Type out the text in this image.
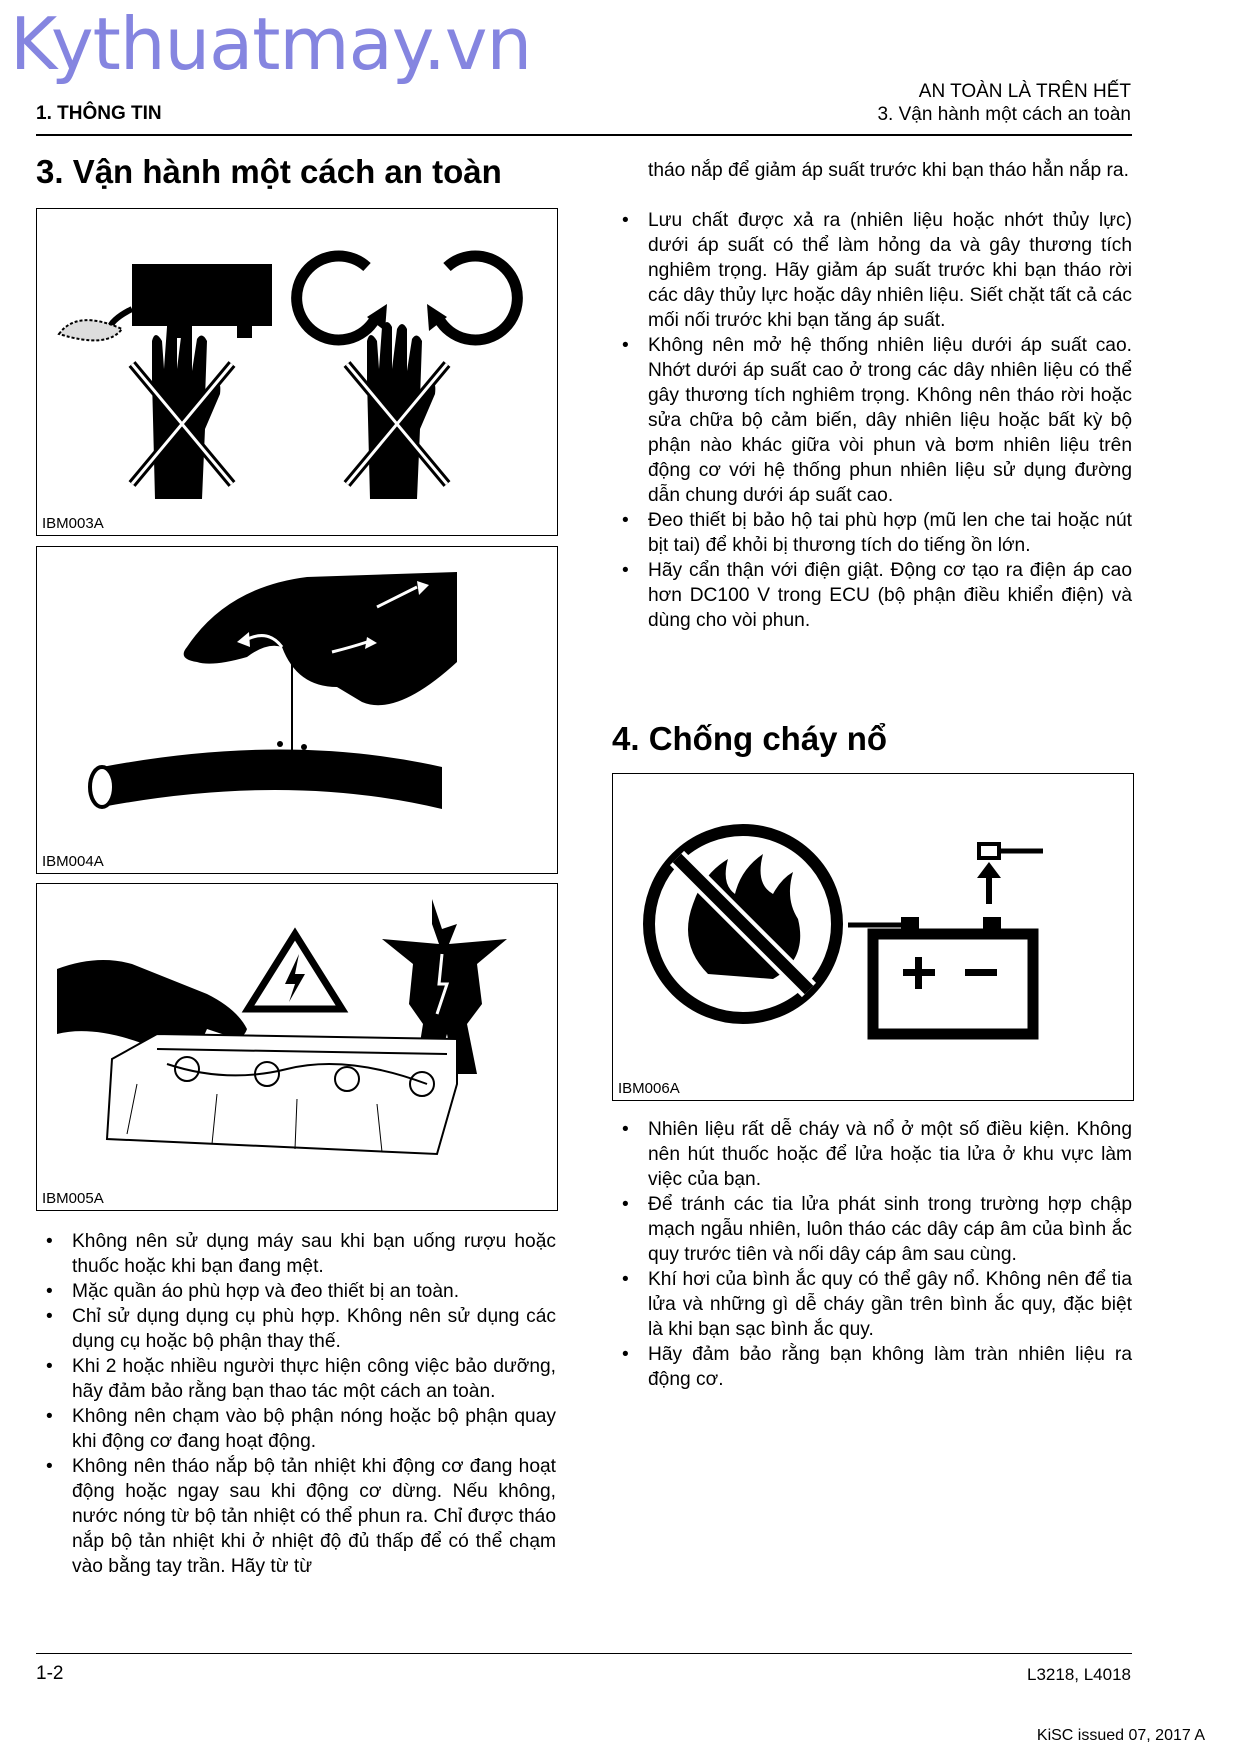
Kythuatmay.vn
1. THÔNG TIN
AN TOÀN LÀ TRÊN HẾT
3. Vận hành một cách an toàn
3. Vận hành một cách an toàn
IBM003A
IBM004A
IBM005A
• Không nên sử dụng máy sau khi bạn uống rượu hoặc thuốc hoặc khi bạn đang mệt.
• Mặc quần áo phù hợp và đeo thiết bị an toàn.
• Chỉ sử dụng dụng cụ phù hợp. Không nên sử dụng các dụng cụ hoặc bộ phận thay thế.
• Khi 2 hoặc nhiều người thực hiện công việc bảo dưỡng, hãy đảm bảo rằng bạn thao tác một cách an toàn.
• Không nên chạm vào bộ phận nóng hoặc bộ phận quay khi động cơ đang hoạt động.
• Không nên tháo nắp bộ tản nhiệt khi động cơ đang hoạt động hoặc ngay sau khi động cơ dừng. Nếu không, nước nóng từ bộ tản nhiệt có thể phun ra. Chỉ được tháo nắp bộ tản nhiệt khi ở nhiệt độ đủ thấp để có thể chạm vào bằng tay trần. Hãy từ từ
tháo nắp để giảm áp suất trước khi bạn tháo hẳn nắp ra.
• Lưu chất được xả ra (nhiên liệu hoặc nhớt thủy lực) dưới áp suất có thể làm hỏng da và gây thương tích nghiêm trọng. Hãy giảm áp suất trước khi bạn tháo rời các dây thủy lực hoặc dây nhiên liệu. Siết chặt tất cả các mối nối trước khi bạn tăng áp suất.
• Không nên mở hệ thống nhiên liệu dưới áp suất cao. Nhớt dưới áp suất cao ở trong các dây nhiên liệu có thể gây thương tích nghiêm trọng. Không nên tháo rời hoặc sửa chữa bộ cảm biến, dây nhiên liệu hoặc bất kỳ bộ phận nào khác giữa vòi phun và bơm nhiên liệu trên động cơ với hệ thống phun nhiên liệu sử dụng đường dẫn chung dưới áp suất cao.
• Đeo thiết bị bảo hộ tai phù hợp (mũ len che tai hoặc nút bịt tai) để khỏi bị thương tích do tiếng ồn lớn.
• Hãy cẩn thận với điện giật. Động cơ tạo ra điện áp cao hơn DC100 V trong ECU (bộ phận điều khiển điện) và dùng cho vòi phun.
4. Chống cháy nổ
IBM006A
• Nhiên liệu rất dễ cháy và nổ ở một số điều kiện. Không nên hút thuốc hoặc để lửa hoặc tia lửa ở khu vực làm việc của bạn.
• Để tránh các tia lửa phát sinh trong trường hợp chập mạch ngẫu nhiên, luôn tháo các dây cáp âm của bình ắc quy trước tiên và nối dây cáp âm sau cùng.
• Khí hơi của bình ắc quy có thể gây nổ. Không nên để tia lửa và những gì dễ cháy gần trên bình ắc quy, đặc biệt là khi bạn sạc bình ắc quy.
• Hãy đảm bảo rằng bạn không làm tràn nhiên liệu ra động cơ.
1-2	L3218, L4018
KiSC issued 07, 2017 A
